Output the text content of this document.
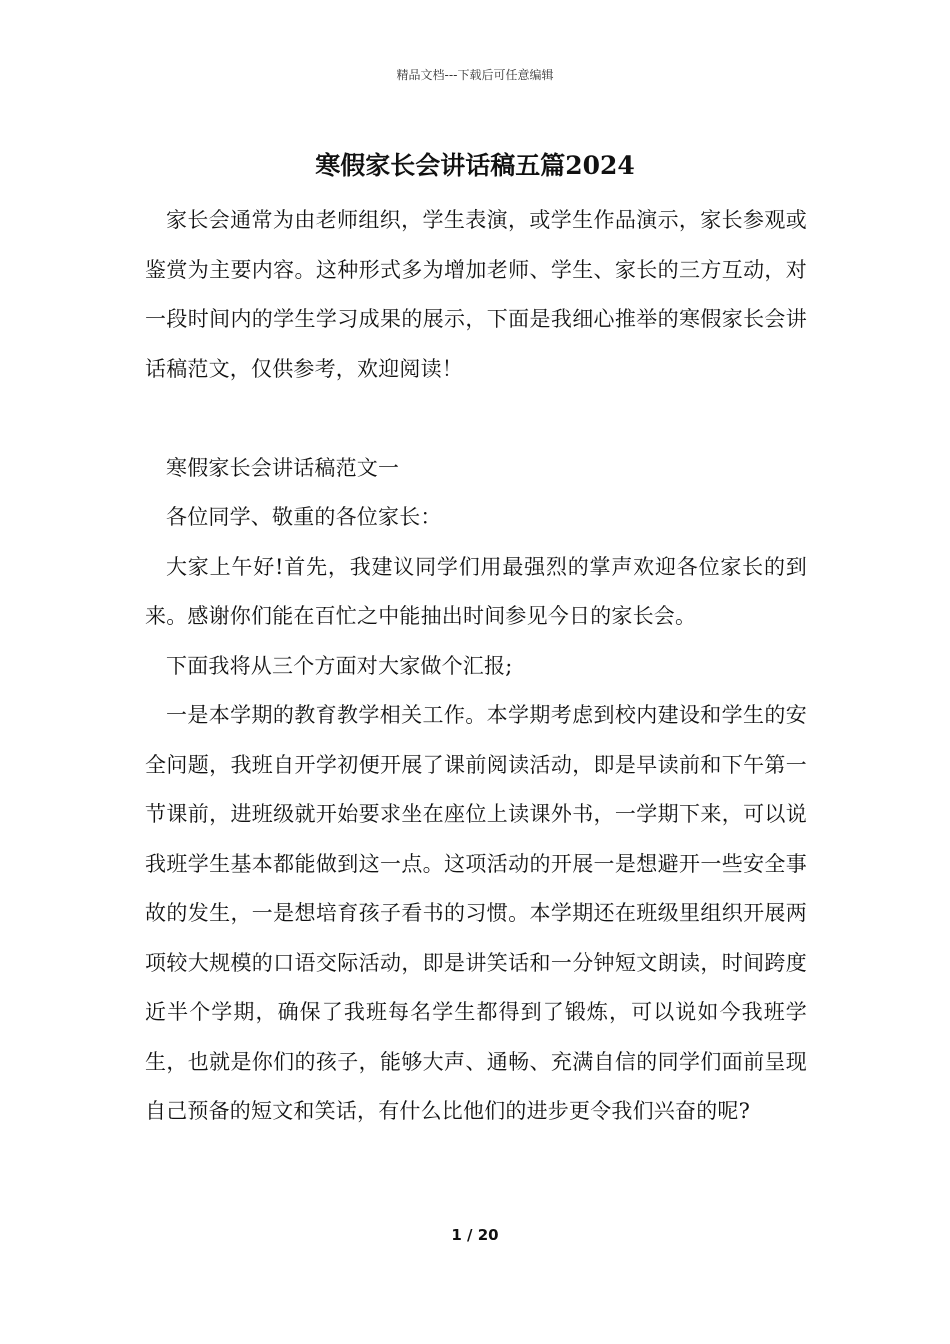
精品文档---下载后可任意编辑
寒假家长会讲话稿五篇2024

家长会通常为由老师组织，学生表演，或学生作品演示，家长参观或鉴赏为主要内容。这种形式多为增加老师、学生、家长的三方互动，对一段时间内的学生学习成果的展示，下面是我细心推举的寒假家长会讲话稿范文，仅供参考，欢迎阅读！

寒假家长会讲话稿范文一

各位同学、敬重的各位家长：

大家上午好!首先，我建议同学们用最强烈的掌声欢迎各位家长的到来。感谢你们能在百忙之中能抽出时间参见今日的家长会。

下面我将从三个方面对大家做个汇报;

一是本学期的教育教学相关工作。本学期考虑到校内建设和学生的安全问题，我班自开学初便开展了课前阅读活动，即是早读前和下午第一节课前，进班级就开始要求坐在座位上读课外书，一学期下来，可以说我班学生基本都能做到这一点。这项活动的开展一是想避开一些安全事故的发生，一是想培育孩子看书的习惯。本学期还在班级里组织开展两项较大规模的口语交际活动，即是讲笑话和一分钟短文朗读，时间跨度近半个学期，确保了我班每名学生都得到了锻炼，可以说如今我班学生，也就是你们的孩子，能够大声、通畅、充满自信的同学们面前呈现自己预备的短文和笑话，有什么比他们的进步更令我们兴奋的呢?

1 / 20
